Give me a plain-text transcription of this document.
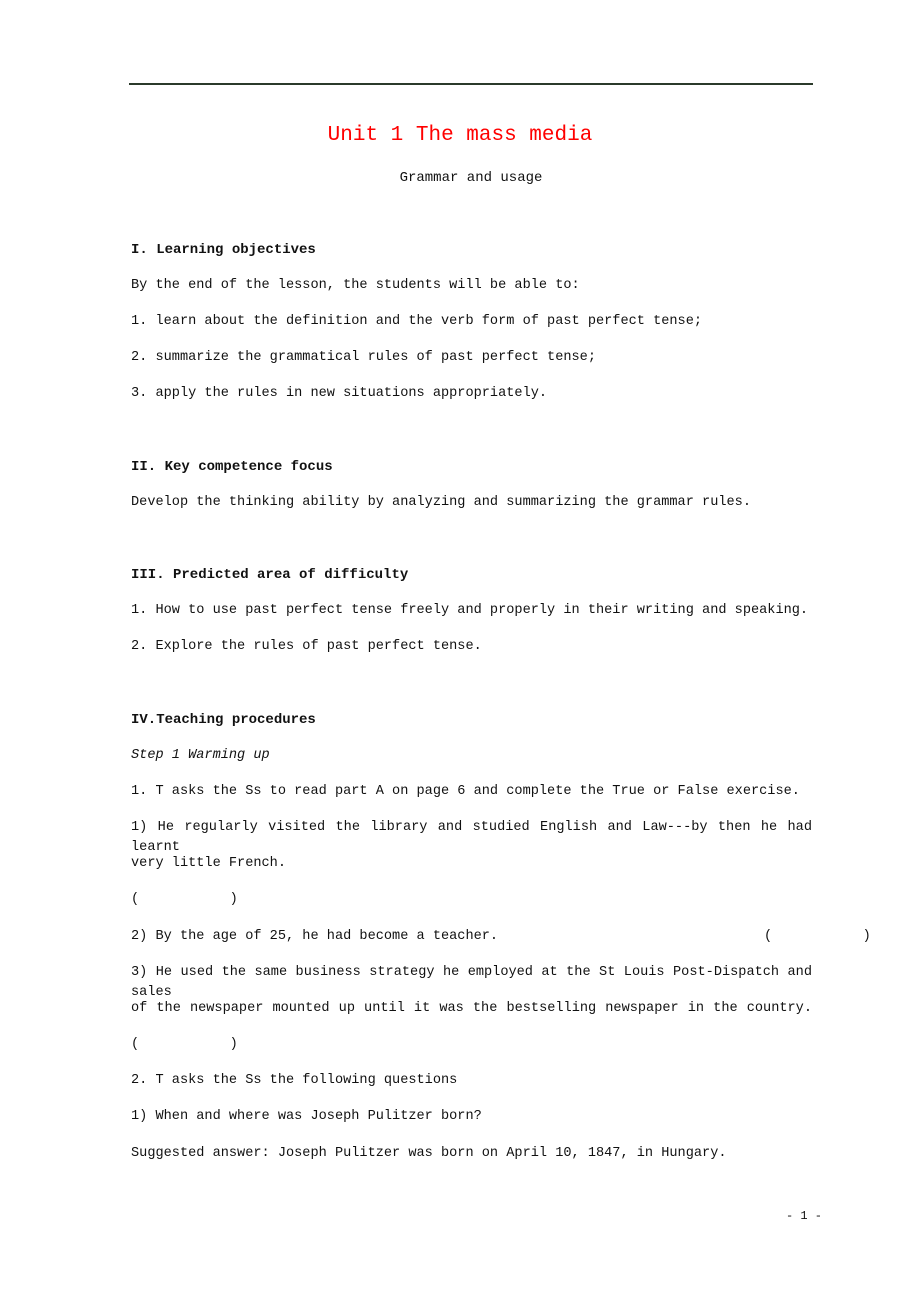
Unit 1 The mass media
Grammar and usage
I. Learning objectives
By the end of the lesson, the students will be able to:
1. learn about the definition and the verb form of past perfect tense;
2. summarize the grammatical rules of past perfect tense;
3. apply the rules in new situations appropriately.
II. Key competence focus
Develop the thinking ability by analyzing and summarizing the grammar rules.
III. Predicted area of difficulty
1. How to use past perfect tense freely and properly in their writing and speaking.
2. Explore the rules of past perfect tense.
IV.Teaching procedures
Step 1 Warming up
1. T asks the Ss to read part A on page 6 and complete the True or False exercise.
1) He regularly visited the library and studied English and Law---by then he had learnt
very little French.
(   )
2) By the age of 25, he had become a teacher.	(   )
3) He used the same business strategy he employed at the St Louis Post-Dispatch and sales
of the newspaper mounted up until it was the bestselling newspaper in the country.
(   )
2. T asks the Ss the following questions
1) When and where was Joseph Pulitzer born?
Suggested answer: Joseph Pulitzer was born on April 10, 1847, in Hungary.
- 1 -
